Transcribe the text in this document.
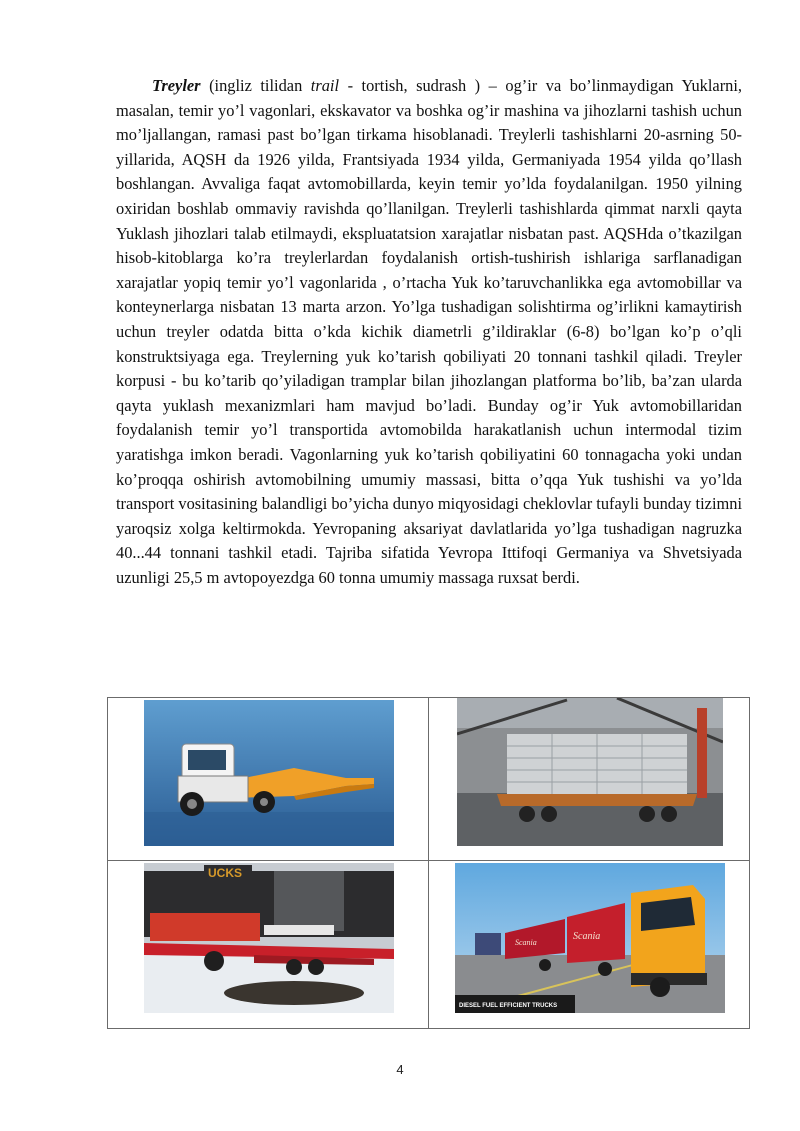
Treyler (ingliz tilidan trail - tortish, sudrash ) – og’ir va bo’linmaydigan Yuklarni, masalan, temir yo’l vagonlari, ekskavator va boshka og’ir mashina va jihozlarni tashish uchun mo’ljallangan, ramasi past bo’lgan tirkama hisoblanadi. Treylerli tashishlarni 20-asrning 50-yillarida, AQSH da 1926 yilda, Frantsiyada 1934 yilda, Germaniyada 1954 yilda qo’llash boshlangan. Avvaliga faqat avtomobillarda, keyin temir yo’lda foydalanilgan. 1950 yilning oxiridan boshlab ommaviy ravishda qo’llanilgan. Treylerli tashishlarda qimmat narxli qayta Yuklash jihozlari talab etilmaydi, ekspluatatsion xarajatlar nisbatan past. AQSHda o’tkazilgan hisob-kitoblarga ko’ra treylerlardan foydalanish ortish-tushirish ishlariga sarflanadigan xarajatlar yopiq temir yo’l vagonlarida , o’rtacha Yuk ko’taruvchanlikka ega avtomobillar va konteynerlarga nisbatan 13 marta arzon. Yo’lga tushadigan solishtirma og’irlikni kamaytirish uchun treyler odatda bitta o’kda kichik diametrli g’ildiraklar (6-8) bo’lgan ko’p o’qli konstruktsiyaga ega. Treylerning yuk ko’tarish qobiliyati 20 tonnani tashkil qiladi. Treyler korpusi - bu ko’tarib qo’yiladigan tramplar bilan jihozlangan platforma bo’lib, ba’zan ularda qayta yuklash mexanizmlari ham mavjud bo’ladi. Bunday og’ir Yuk avtomobillaridan foydalanish temir yo’l transportida avtomobilda harakatlanish uchun intermodal tizim yaratishga imkon beradi. Vagonlarning yuk ko’tarish qobiliyatini 60 tonnagacha yoki undan ko’proqqa oshirish avtomobilning umumiy massasi, bitta o’qqa Yuk tushishi va yo’lda transport vositasining balandligi bo’yicha dunyo miqyosidagi cheklovlar tufayli bunday tizimni yaroqsiz xolga keltirmokda. Yevropaning aksariyat davlatlarida yo’lga tushadigan nagruzka 40...44 tonnani tashkil etadi. Tajriba sifatida Yevropa Ittifoqi Germaniya va Shvetsiyada uzunligi 25,5 m avtopoyezdga 60 tonna umumiy massaga ruxsat berdi.

UCKS	Scania
Scania
DIESEL FUEL EFFICIENT TRUCKS
4
